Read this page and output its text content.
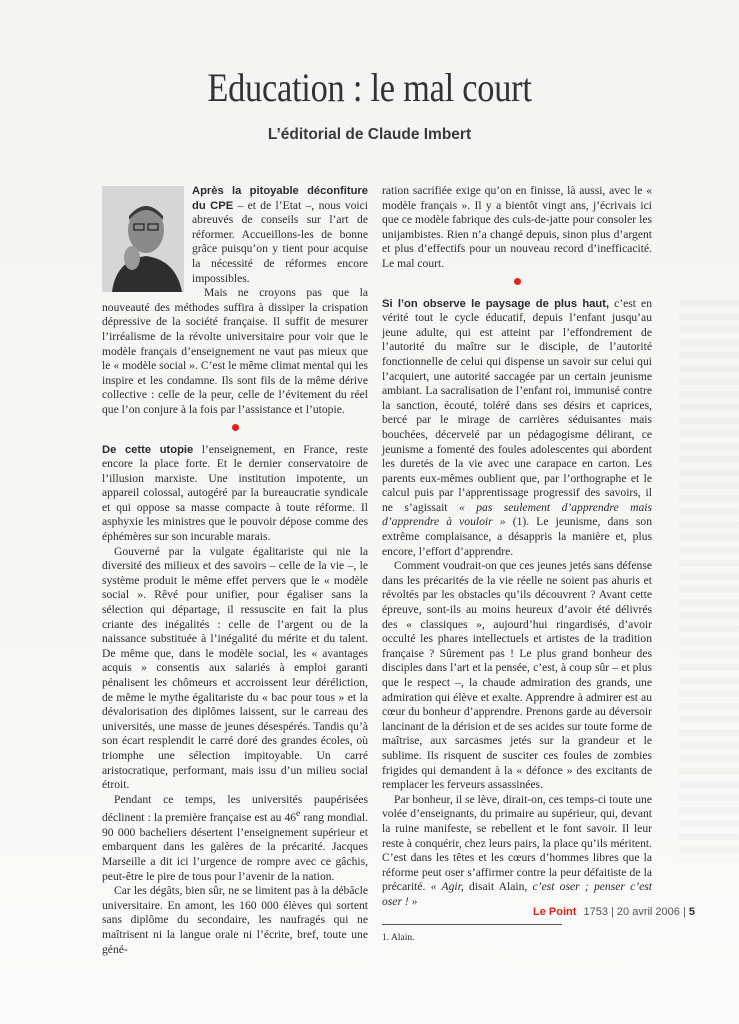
Education : le mal court
L’éditorial de Claude Imbert

Après la pitoyable déconfiture du CPE – et de l’Etat –, nous voici abreuvés de conseils sur l’art de réformer. Accueillons-les de bonne grâce puisqu’on y tient pour acquise la nécessité de réformes encore impossibles.

Mais ne croyons pas que la nouveauté des méthodes suffira à dissiper la crispation dépressive de la société française. Il suffit de mesurer l’irréalisme de la révolte universitaire pour voir que le modèle français d’enseignement ne vaut pas mieux que le « modèle social ». C’est le même climat mental qui les inspire et les condamne. Ils sont fils de la même dérive collective : celle de la peur, celle de l’évitement du réel que l’on conjure à la fois par l’assistance et l’utopie.

De cette utopie l’enseignement, en France, reste encore la place forte. Et le dernier conservatoire de l’illusion marxiste. Une institution impotente, un appareil colossal, autogéré par la bureaucratie syndicale et qui oppose sa masse compacte à toute réforme. Il asphyxie les ministres que le pouvoir dépose comme des éphémères sur son incurable marais.

Gouverné par la vulgate égalitariste qui nie la diversité des milieux et des savoirs – celle de la vie –, le système produit le même effet pervers que le « modèle social ». Rêvé pour unifier, pour égaliser sans la sélection qui départage, il ressuscite en fait la plus criante des inégalités : celle de l’argent ou de la naissance substituée à l’inégalité du mérite et du talent. De même que, dans le modèle social, les « avantages acquis » consentis aux salariés à emploi garanti pénalisent les chômeurs et accroissent leur déréliction, de même le mythe égalitariste du « bac pour tous » et la dévalorisation des diplômes laissent, sur le carreau des universités, une masse de jeunes désespérés. Tandis qu’à son écart resplendit le carré doré des grandes écoles, où triomphe une sélection impitoyable. Un carré aristocratique, performant, mais issu d’un milieu social étroit.

Pendant ce temps, les universités paupérisées déclinent : la première française est au 46e rang mondial. 90 000 bacheliers désertent l’enseignement supérieur et embarquent dans les galères de la précarité. Jacques Marseille a dit ici l’urgence de rompre avec ce gâchis, peut-être le pire de tous pour l’avenir de la nation.

Car les dégâts, bien sûr, ne se limitent pas à la débâcle universitaire. En amont, les 160 000 élèves qui sortent sans diplôme du secondaire, les naufragés qui ne maîtrisent ni la langue orale ni l’écrite, bref, toute une géné-

ration sacrifiée exige qu’on en finisse, là aussi, avec le « modèle français ». Il y a bientôt vingt ans, j’écrivais ici que ce modèle fabrique des culs-de-jatte pour consoler les unijambistes. Rien n’a changé depuis, sinon plus d’argent et plus d’effectifs pour un nouveau record d’inefficacité. Le mal court.

Si l’on observe le paysage de plus haut, c’est en vérité tout le cycle éducatif, depuis l’enfant jusqu’au jeune adulte, qui est atteint par l’effondrement de l’autorité du maître sur le disciple, de l’autorité fonctionnelle de celui qui dispense un savoir sur celui qui l’acquiert, une autorité saccagée par un certain jeunisme ambiant. La sacralisation de l’enfant roi, immunisé contre la sanction, écouté, toléré dans ses désirs et caprices, bercé par le mirage de carrières séduisantes mais bouchées, décervelé par un pédagogisme délirant, ce jeunisme a fomenté des foules adolescentes qui abordent les duretés de la vie avec une carapace en carton. Les parents eux-mêmes oublient que, par l’orthographe et le calcul puis par l’apprentissage progressif des savoirs, il ne s’agissait « pas seulement d’apprendre mais d’apprendre à vouloir » (1). Le jeunisme, dans son extrême complaisance, a désappris la manière et, plus encore, l’effort d’apprendre.

Comment voudrait-on que ces jeunes jetés sans défense dans les précarités de la vie réelle ne soient pas ahuris et révoltés par les obstacles qu’ils découvrent ? Avant cette épreuve, sont-ils au moins heureux d’avoir été délivrés des « classiques », aujourd’hui ringardisés, d’avoir occulté les phares intellectuels et artistes de la tradition française ? Sûrement pas ! Le plus grand bonheur des disciples dans l’art et la pensée, c’est, à coup sûr – et plus que le respect –, la chaude admiration des grands, une admiration qui élève et exalte. Apprendre à admirer est au cœur du bonheur d’apprendre. Prenons garde au déversoir lancinant de la dérision et de ses acides sur toute forme de maîtrise, aux sarcasmes jetés sur la grandeur et le sublime. Ils risquent de susciter ces foules de zombies frigides qui demandent à la « défonce » des excitants de remplacer les ferveurs assassinées.

Par bonheur, il se lève, dirait-on, ces temps-ci toute une volée d’enseignants, du primaire au supérieur, qui, devant la ruine manifeste, se rebellent et le font savoir. Il leur reste à conquérir, chez leurs pairs, la place qu’ils méritent. C’est dans les têtes et les cœurs d’hommes libres que la réforme peut oser s’affirmer contre la peur défaitiste de la précarité. « Agir, disait Alain, c’est oser ; penser c’est oser ! »

1. Alain.
Le Point 1753 | 20 avril 2006 | 5
